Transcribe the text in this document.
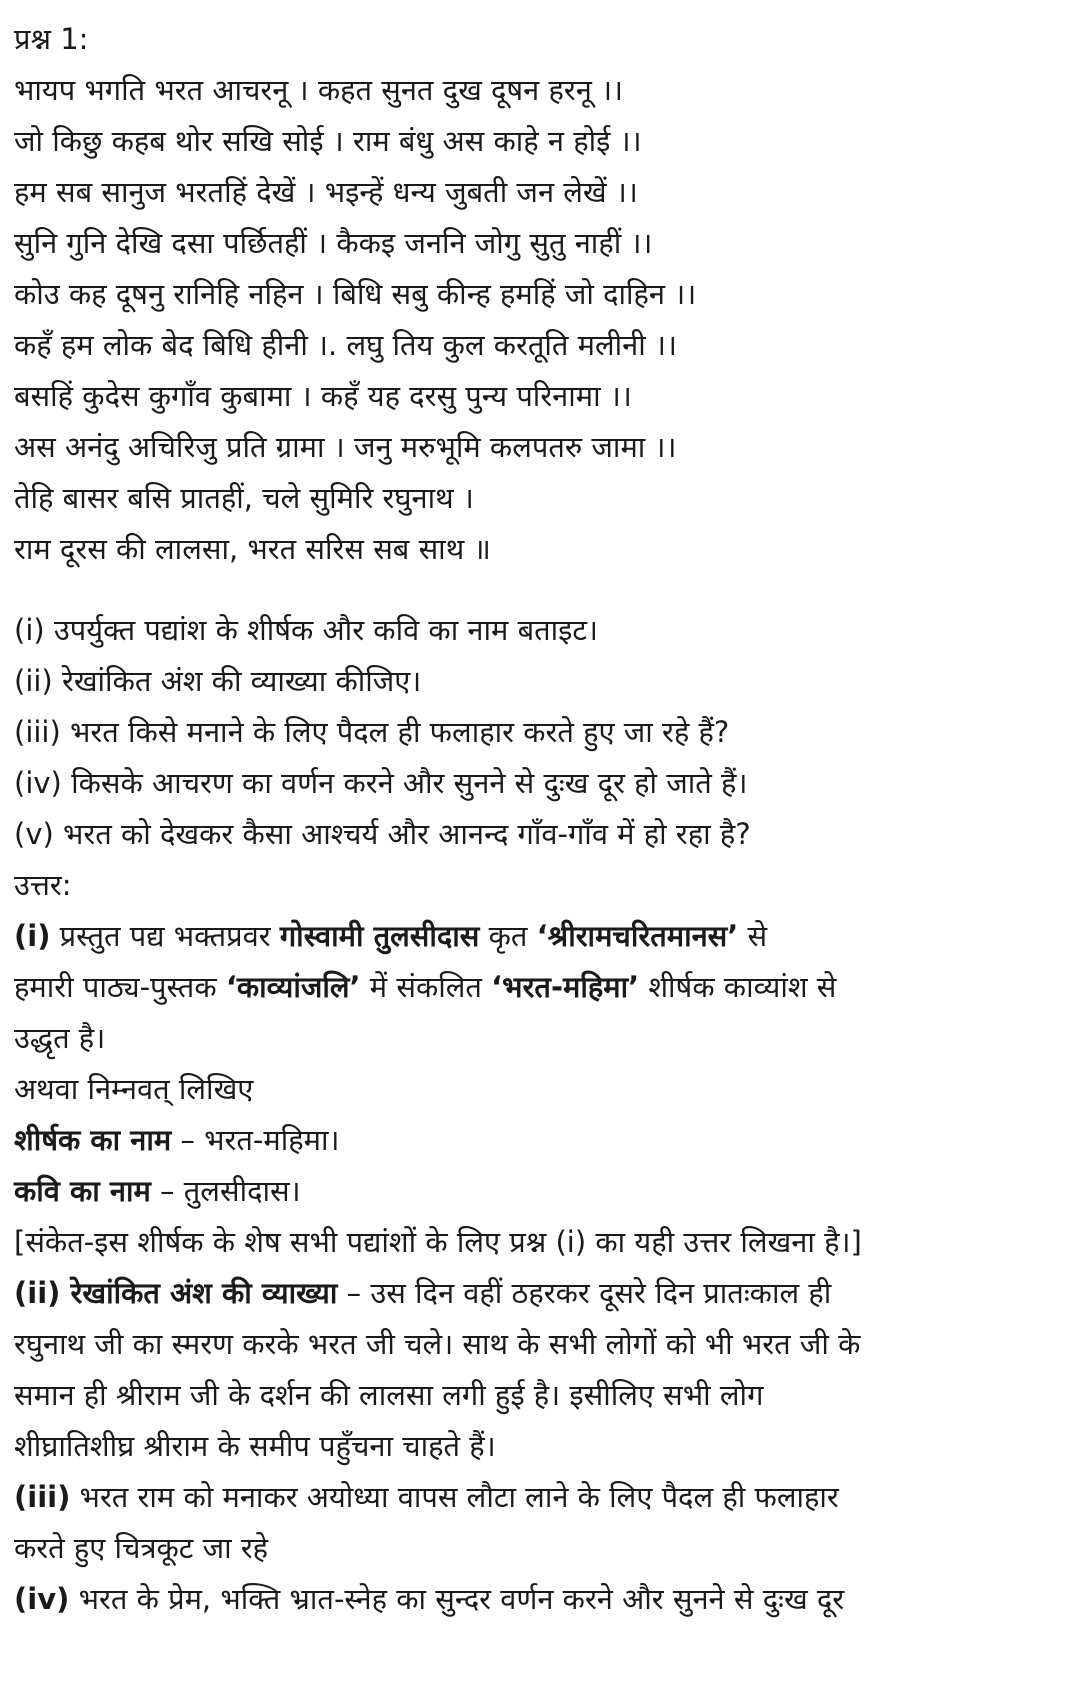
प्रश्न 1:
भायप भगति भरत आचरनू । कहत सुनत दुख दूषन हरनू ।।
जो किछु कहब थोर सखि सोई । राम बंधु अस काहे न होई ।।
हम सब सानुज भरतहिं देखें । भइन्हें धन्य जुबती जन लेखें ।।
सुनि गुनि देखि दसा पर्छितहीं । कैकइ जननि जोगु सुतु नाहीं ।।
कोउ कह दूषनु रानिहि नहिन । बिधि सबु कीन्ह हमहिं जो दाहिन ।।
कहँ हम लोक बेद बिधि हीनी ।. लघु तिय कुल करतूति मलीनी ।।
बसहिं कुदेस कुगाँव कुबामा । कहँ यह दरसु पुन्य परिनामा ।।
अस अनंदु अचिरिजु प्रति ग्रामा । जनु मरुभूमि कलपतरु जामा ।।
तेहि बासर बसि प्रातहीं, चले सुमिरि रघुनाथ ।
राम दूरस की लालसा, भरत सरिस सब साथ ॥
(i) उपर्युक्त पद्यांश के शीर्षक और कवि का नाम बताइट।
(ii) रेखांकित अंश की व्याख्या कीजिए।
(iii) भरत किसे मनाने के लिए पैदल ही फलाहार करते हुए जा रहे हैं?
(iv) किसके आचरण का वर्णन करने और सुनने से दुःख दूर हो जाते हैं।
(v) भरत को देखकर कैसा आश्चर्य और आनन्द गाँव-गाँव में हो रहा है?
उत्तर:
(i) प्रस्तुत पद्य भक्तप्रवर गोस्वामी तुलसीदास कृत ‘श्रीरामचरितमानस’ से
हमारी पाठ्य-पुस्तक ‘काव्यांजलि’ में संकलित ‘भरत-महिमा’ शीर्षक काव्यांश से
उद्धृत है।
अथवा निम्नवत् लिखिए
शीर्षक का नाम – भरत-महिमा।
कवि का नाम – तुलसीदास।
[संकेत-इस शीर्षक के शेष सभी पद्यांशों के लिए प्रश्न (i) का यही उत्तर लिखना है।]
(ii) रेखांकित अंश की व्याख्या – उस दिन वहीं ठहरकर दूसरे दिन प्रातःकाल ही
रघुनाथ जी का स्मरण करके भरत जी चले। साथ के सभी लोगों को भी भरत जी के
समान ही श्रीराम जी के दर्शन की लालसा लगी हुई है। इसीलिए सभी लोग
शीघ्रातिशीघ्र श्रीराम के समीप पहुँचना चाहते हैं।
(iii) भरत राम को मनाकर अयोध्या वापस लौटा लाने के लिए पैदल ही फलाहार
करते हुए चित्रकूट जा रहे
(iv) भरत के प्रेम, भक्ति भ्रात-स्नेह का सुन्दर वर्णन करने और सुनने से दुःख दूर
